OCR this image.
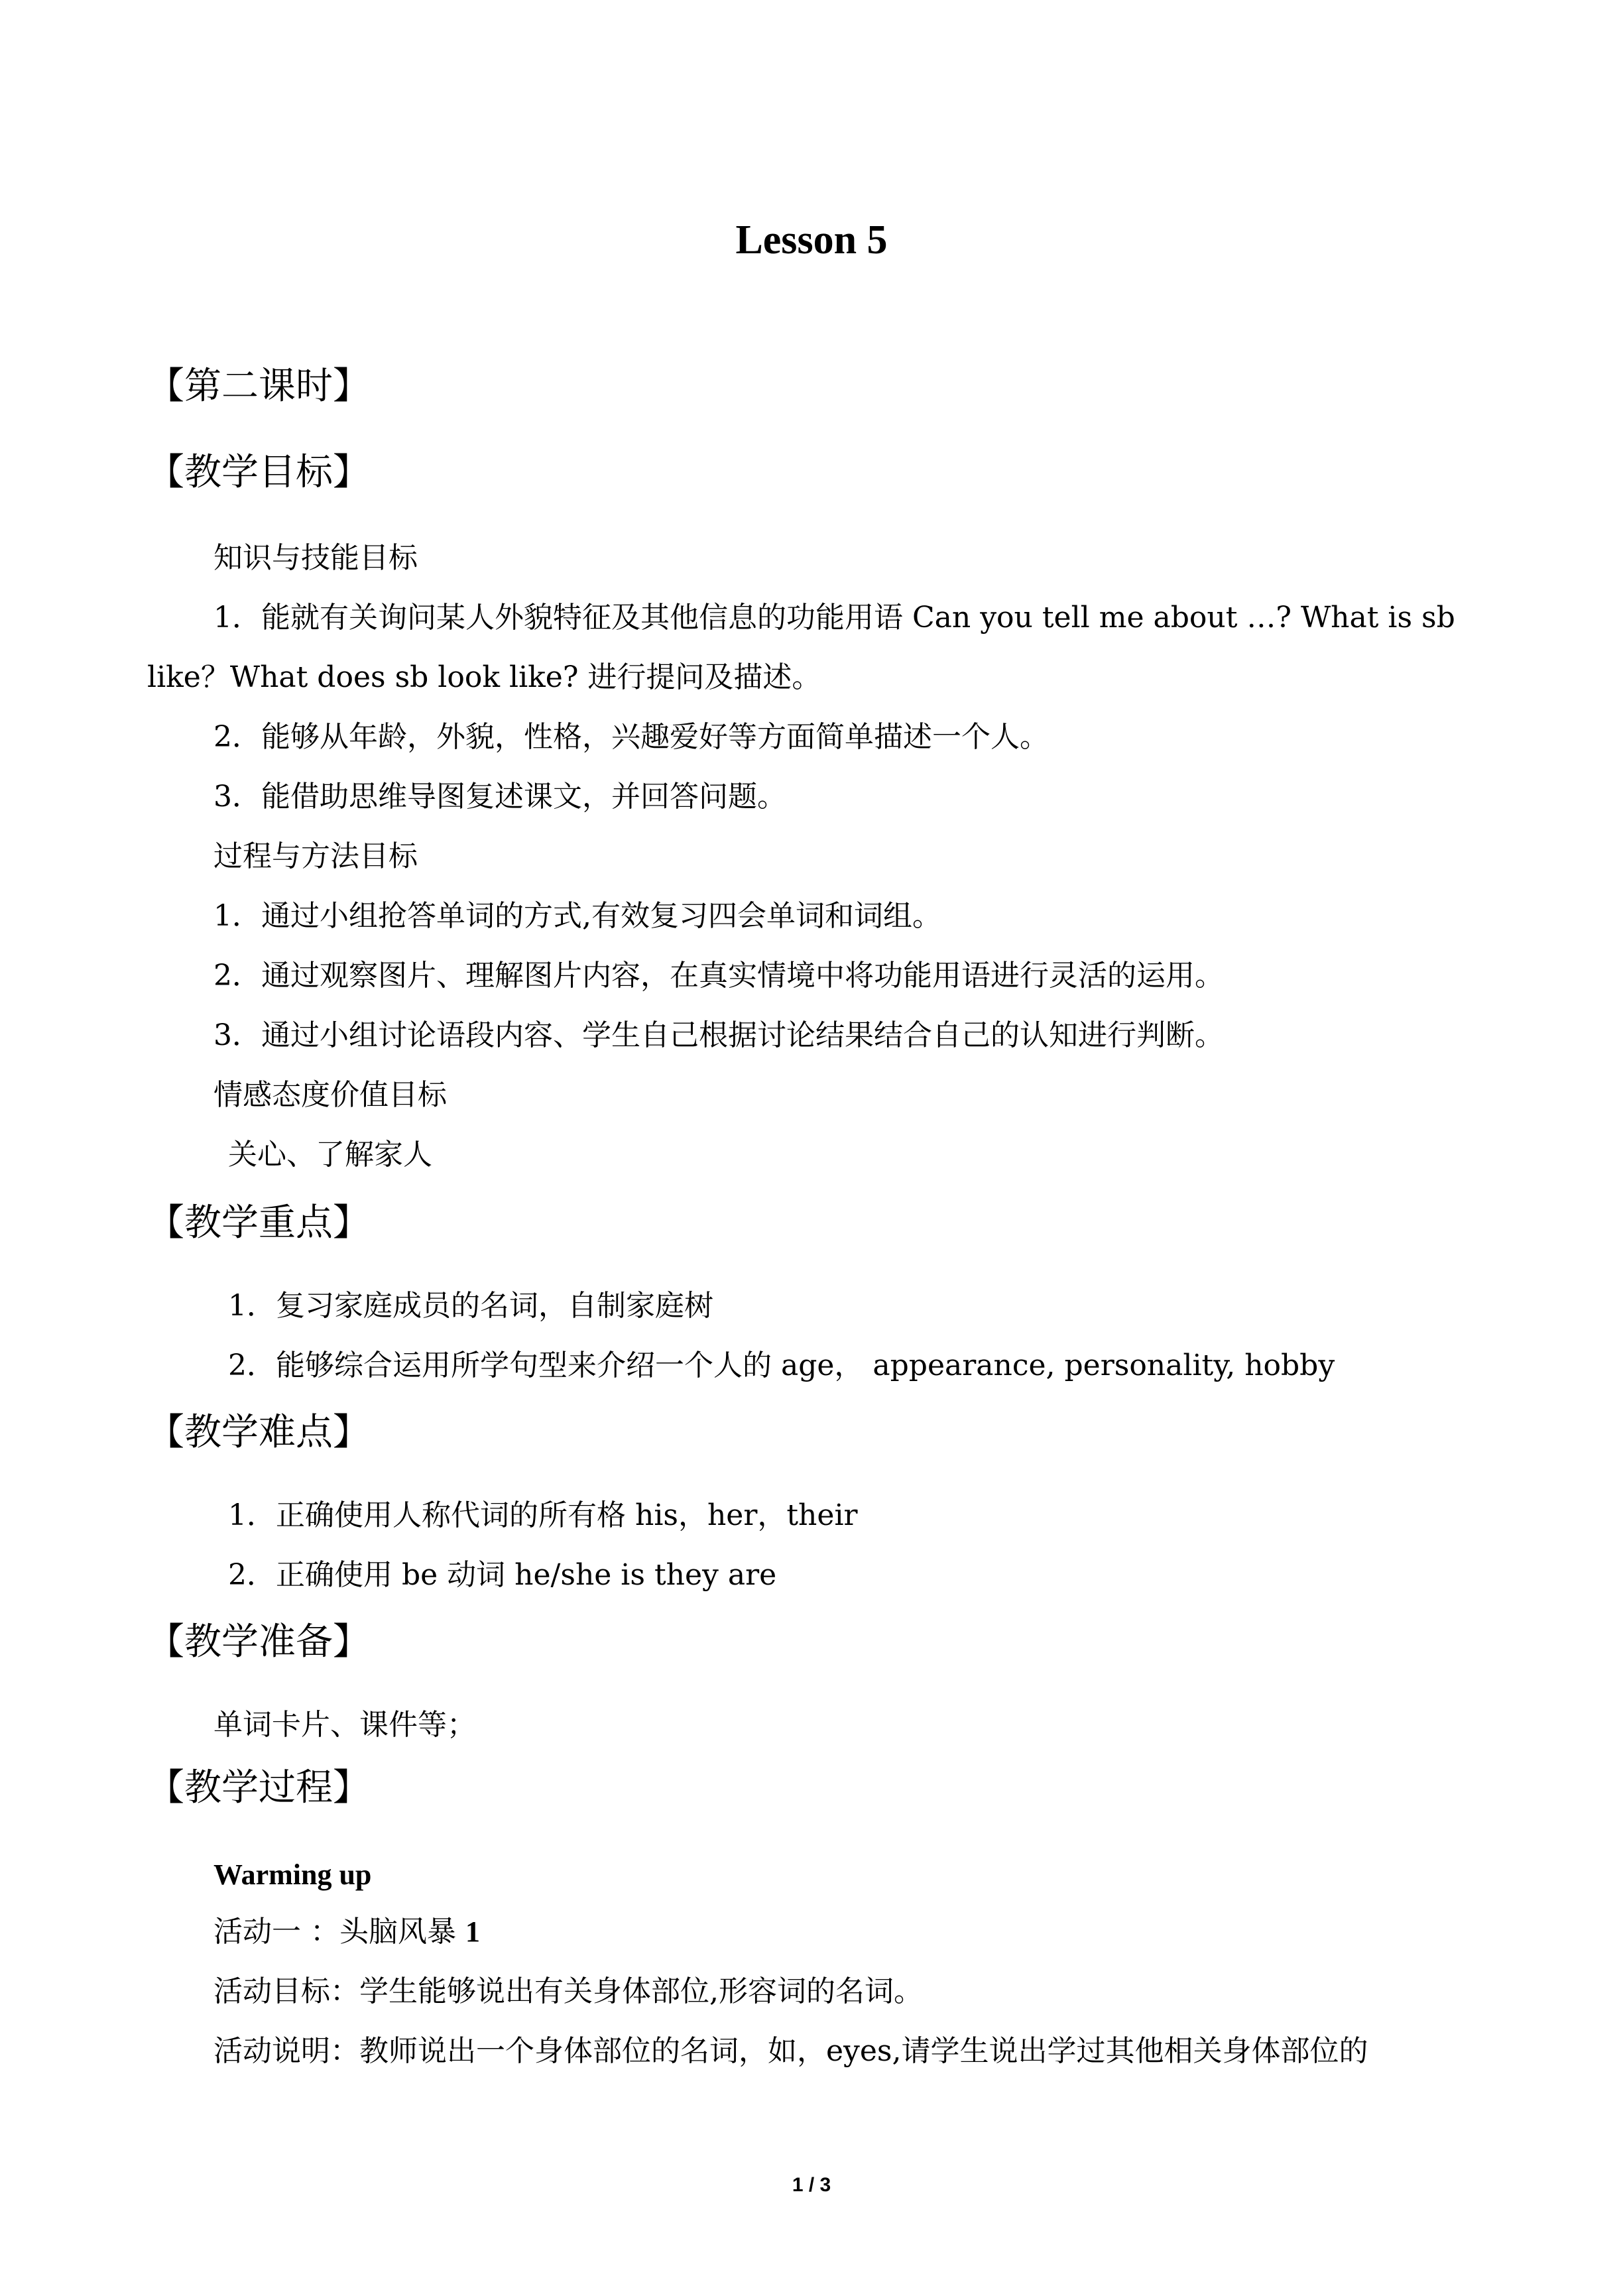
Lesson 5
【第二课时】
【教学目标】
知识与技能目标
1．能就有关询问某人外貌特征及其他信息的功能用语 Can you tell me about …? What is sb
like？What does sb look like? 进行提问及描述。
2．能够从年龄，外貌，性格，兴趣爱好等方面简单描述一个人。
3．能借助思维导图复述课文，并回答问题。
过程与方法目标
1．通过小组抢答单词的方式,有效复习四会单词和词组。
2．通过观察图片、理解图片内容，在真实情境中将功能用语进行灵活的运用。
3．通过小组讨论语段内容、学生自己根据讨论结果结合自己的认知进行判断。
情感态度价值目标
关心、了解家人
【教学重点】
1．复习家庭成员的名词，自制家庭树
2．能够综合运用所学句型来介绍一个人的 age， appearance, personality, hobby
【教学难点】
1．正确使用人称代词的所有格 his，her，their
2．正确使用 be 动词 he/she is they are
【教学准备】
单词卡片、课件等；
【教学过程】
Warming up
活动一 ：头脑风暴 1
活动目标：学生能够说出有关身体部位,形容词的名词。
活动说明：教师说出一个身体部位的名词，如，eyes,请学生说出学过其他相关身体部位的
1 / 3
